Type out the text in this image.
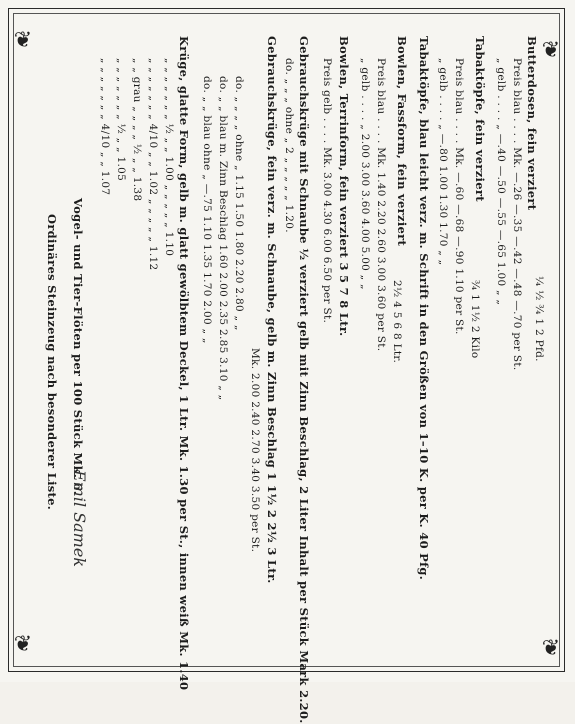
❦	❦
❦	❦
Butterdosen, fein verziert
¼ ½ ¾ 1 2 Pfd.
Preis blau . . . . Mk. —.26 —.35 —.42 —.48 —.70 per St.
„ gelb . . . . „ —.40 —.50 —.55 —.65 1.00 „ „
Tabaktöpfe, fein verziert
¾ 1 1½ 2 Kilo
Preis blau . . . . Mk. —.60 —.68 —.90 1.10 per St.
„ gelb . . . . „ —.80 1.00 1.30 1.70 „ „
Tabaktöpfe, blau leicht verz. m. Schrift in den Größen von 1–10 K. per K. 40 Pfg.
Bowlen, Fassform, fein verziert
2½ 4 5 6 8 Ltr.
Preis blau . . . . Mk. 1.40 2.20 2.60 3.00 3.60 per St.
„ gelb . . . . „ 2.00 3.00 3.60 4.00 5.00 „ „
Bowlen, Terrinform, fein verziert 3 5 7 8 Ltr.
Preis gelb . . . . Mk. 3.00 4.30 6.00 6.50 per St.
Gebrauchskrüge mit Schnaube ½ verziert gelb mit Zinn Beschlag, 2 Liter Inhalt per Stück Mark 2.20.
do. „ „ „ ohne „ 2 „ „ „ „ „ 1.20.
Gebrauchskrüge, fein verz. m. Schnaube, gelb m. Zinn Beschlag 1 1½ 2 2½ 3 Ltr.
Mk. 2.00 2.40 2.70 3.40 3.50 per St.
do. „ „ „ „ ohne „ 1.15 1.50 1.80 2.20 2.80 „ „
do. „ „ blau m. Zinn Beschlag 1.60 2.00 2.35 2.85 3.10 „ „
do. „ „ blau ohne „ —.75 1.10 1.35 1.70 2.00 „ „
Krüge, glatte Form, gelb m. glatt gewölbtem Deckel, 1 Ltr. Mk. 1.30 per St., innen weiß Mk. 1.40
„ „ „ „ „ „ „ ½ „ „ 1.00 „ „ „ „ „ 1.10
„ „ „ „ „ „ „ 4/10 „ „ 1.02 „ „ „ „ „ 1.12
„ „ grau „ „ „ „ ½ „ „ 1.38
„ „ „ „ „ „ „ ½ „ „ 1.05
„ „ „ „ „ „ „ 4/10 „ „ 1.07
Vogel- und Tier-Flöten per 100 Stück Mk. 6.
Ordinäres Steinzeug nach besonderer Liste.
Emil Samek
